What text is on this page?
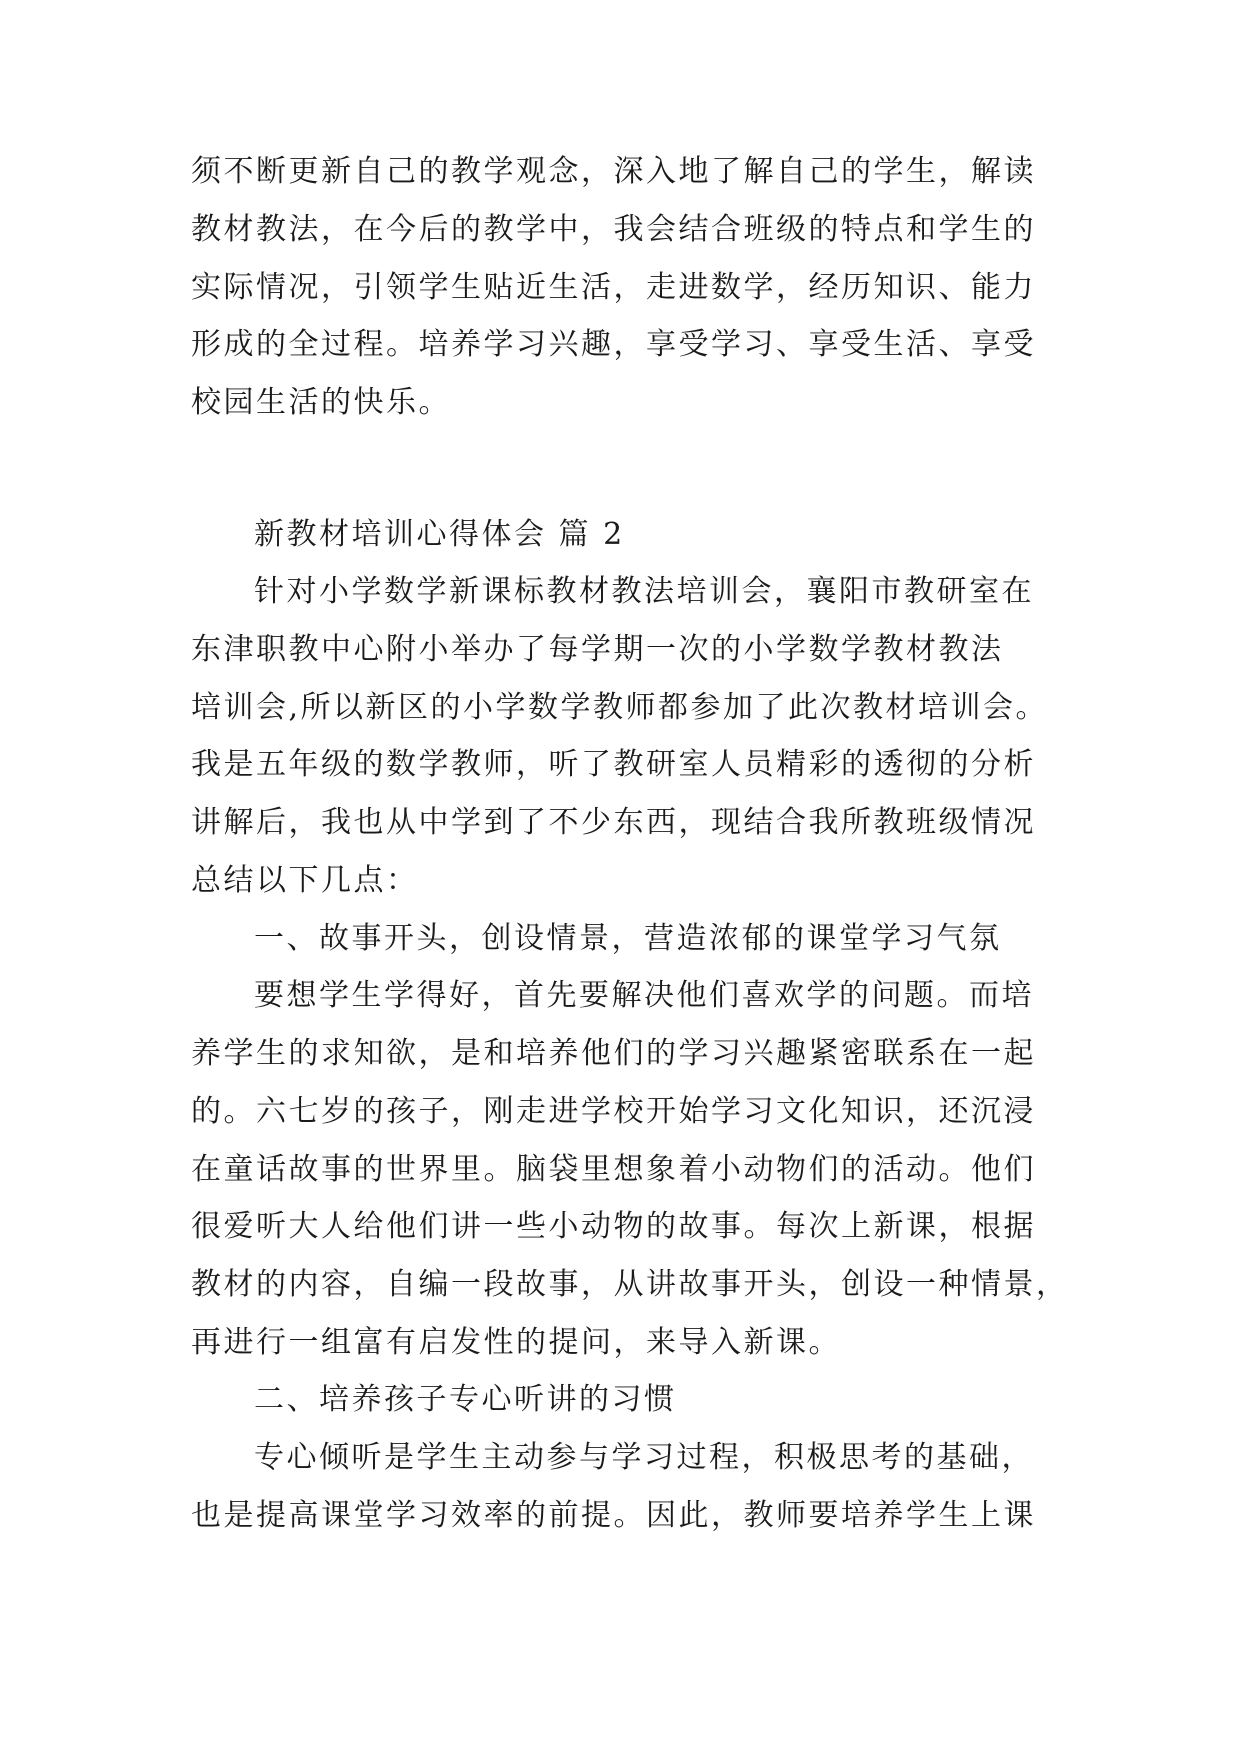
须不断更新自己的教学观念，深入地了解自己的学生，解读
教材教法，在今后的教学中，我会结合班级的特点和学生的
实际情况，引领学生贴近生活，走进数学，经历知识、能力
形成的全过程。培养学习兴趣，享受学习、享受生活、享受
校园生活的快乐。
新教材培训心得体会 篇 2
针对小学数学新课标教材教法培训会，襄阳市教研室在
东津职教中心附小举办了每学期一次的小学数学教材教法
培训会,所以新区的小学数学教师都参加了此次教材培训会。
我是五年级的数学教师，听了教研室人员精彩的透彻的分析
讲解后，我也从中学到了不少东西，现结合我所教班级情况
总结以下几点：
一、故事开头，创设情景，营造浓郁的课堂学习气氛
要想学生学得好，首先要解决他们喜欢学的问题。而培
养学生的求知欲，是和培养他们的学习兴趣紧密联系在一起
的。六七岁的孩子，刚走进学校开始学习文化知识，还沉浸
在童话故事的世界里。脑袋里想象着小动物们的活动。他们
很爱听大人给他们讲一些小动物的故事。每次上新课，根据
教材的内容，自编一段故事，从讲故事开头，创设一种情景，
再进行一组富有启发性的提问，来导入新课。
二、培养孩子专心听讲的习惯
专心倾听是学生主动参与学习过程，积极思考的基础，
也是提高课堂学习效率的前提。因此，教师要培养学生上课
